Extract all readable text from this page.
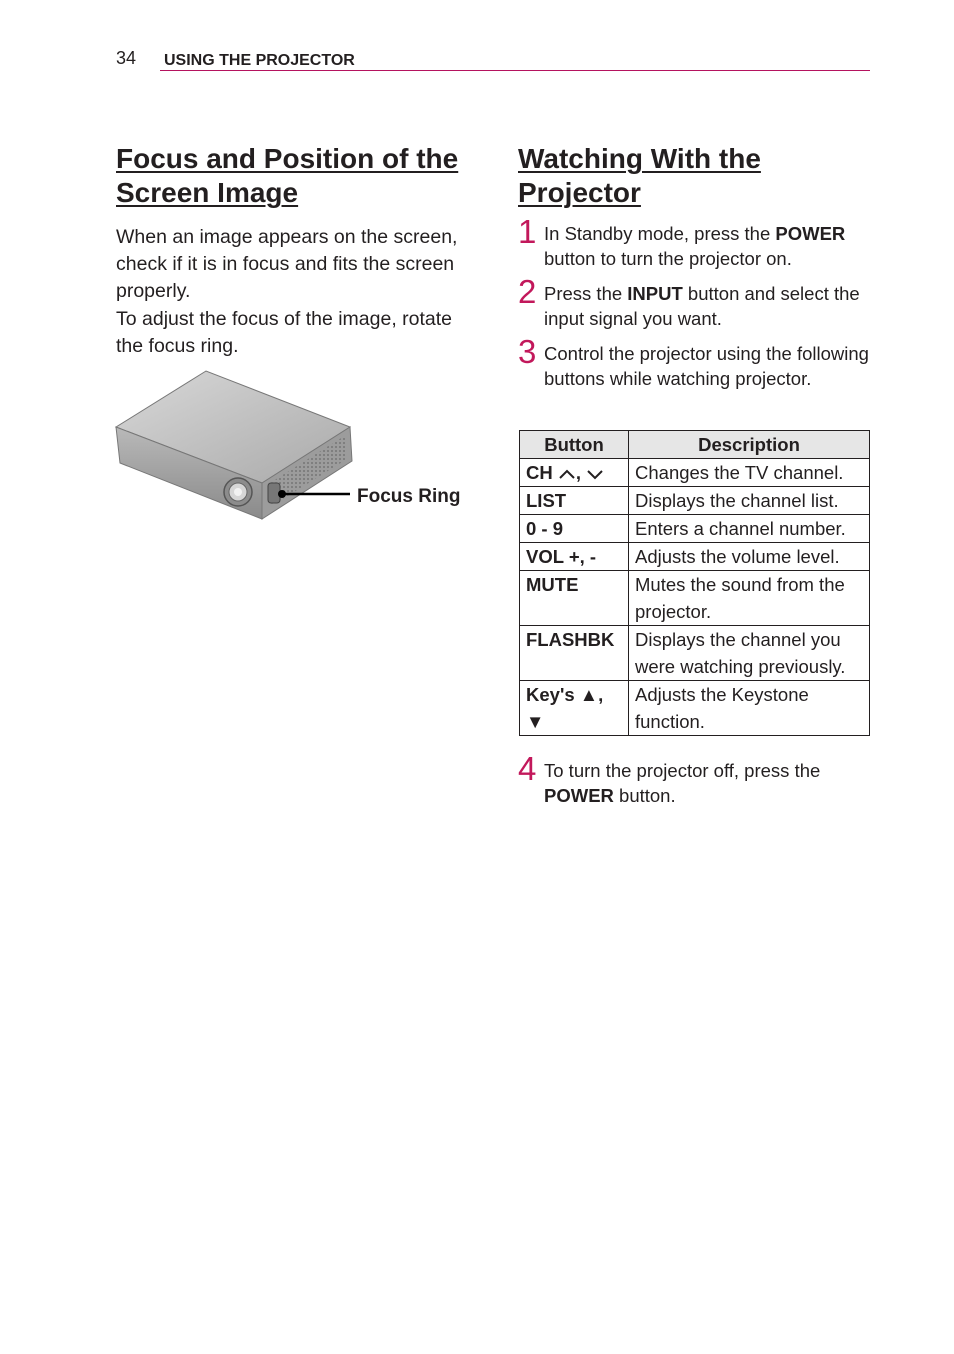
34 USING THE PROJECTOR
Focus and Position of the
Screen Image

When an image appears on the screen, check if it is in focus and fits the screen properly.

To adjust the focus of the image, rotate the focus ring.

Focus Ring
Watching With the
Projector
1 In Standby mode, press the POWER button to turn the projector on.
2 Press the INPUT button and select the input signal you want.
3 Control the projector using the following buttons while watching projector.
Button	Description
CH ,	Changes the TV channel.
LIST	Displays the channel list.
0 - 9	Enters a channel number.
VOL +, -	Adjusts the volume level.
MUTE	Mutes the sound from the projector.
FLASHBK	Displays the channel you were watching previously.
Key's ▲, ▼	Adjusts the Keystone function.
4 To turn the projector off, press the POWER button.
